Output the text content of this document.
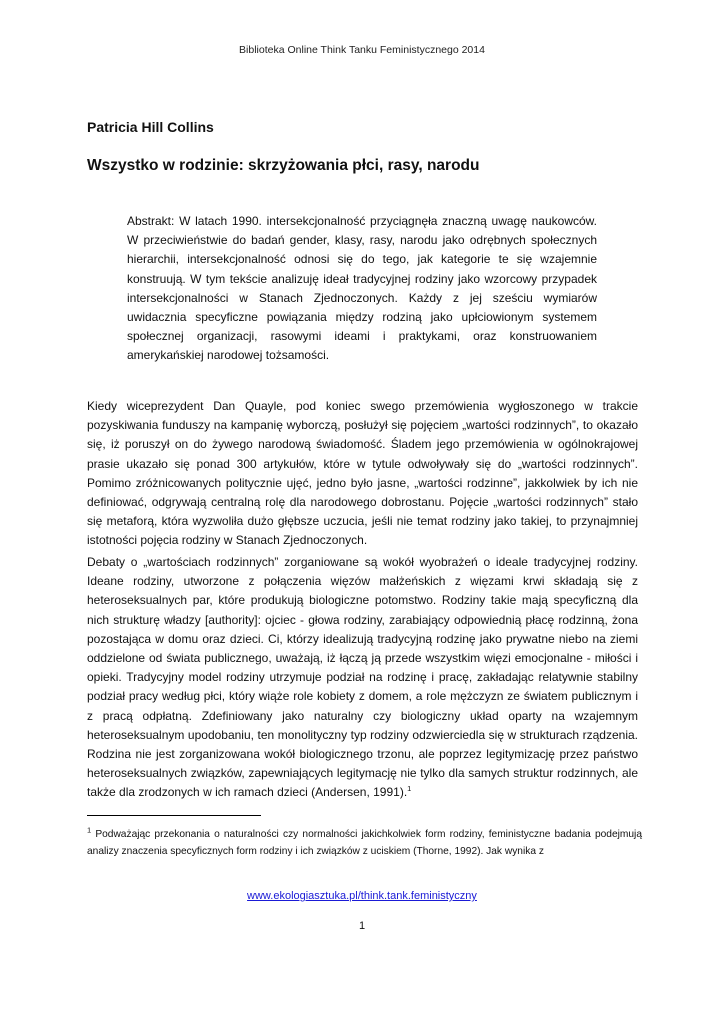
Biblioteka Online Think Tanku Feministycznego 2014
Patricia Hill Collins
Wszystko w rodzinie: skrzyżowania płci, rasy, narodu
Abstrakt: W latach 1990. intersekcjonalność przyciągnęła znaczną uwagę naukowców. W przeciwieństwie do badań gender, klasy, rasy, narodu jako odrębnych społecznych hierarchii, intersekcjonalność odnosi się do tego, jak kategorie te się wzajemnie konstruują. W tym tekście analizuję ideał tradycyjnej rodziny jako wzorcowy przypadek intersekcjonalności w Stanach Zjednoczonych. Każdy z jej sześciu wymiarów uwidacznia specyficzne powiązania między rodziną jako upłciowionym systemem społecznej organizacji, rasowymi ideami i praktykami, oraz konstruowaniem amerykańskiej narodowej tożsamości.
Kiedy wiceprezydent Dan Quayle, pod koniec swego przemówienia wygłoszonego w trakcie pozyskiwania funduszy na kampanię wyborczą, posłużył się pojęciem „wartości rodzinnych”, to okazało się, iż poruszył on do żywego narodową świadomość. Śladem jego przemówienia w ogólnokrajowej prasie ukazało się ponad 300 artykułów, które w tytule odwoływały się do „wartości rodzinnych”. Pomimo zróżnicowanych politycznie ujęć, jedno było jasne, „wartości rodzinne”, jakkolwiek by ich nie definiować, odgrywają centralną rolę dla narodowego dobrostanu. Pojęcie „wartości rodzinnych” stało się metaforą, która wyzwoliła dużo głębsze uczucia, jeśli nie temat rodziny jako takiej, to przynajmniej istotności pojęcia rodziny w Stanach Zjednoczonych.
Debaty o „wartościach rodzinnych” zorganiowane są wokół wyobrażeń o ideale tradycyjnej rodziny. Ideane rodziny, utworzone z połączenia więzów małżeńskich z więzami krwi składają się z heteroseksualnych par, które produkują biologiczne potomstwo. Rodziny takie mają specyficzną dla nich strukturę władzy [authority]: ojciec - głowa rodziny, zarabiający odpowiednią płacę rodzinną, żona pozostająca w domu oraz dzieci. Ci, którzy idealizują tradycyjną rodzinę jako prywatne niebo na ziemi oddzielone od świata publicznego, uważają, iż łączą ją przede wszystkim więzi emocjonalne - miłości i opieki. Tradycyjny model rodziny utrzymuje podział na rodzinę i pracę, zakładając relatywnie stabilny podział pracy według płci, który wiąże role kobiety z domem, a role mężczyzn ze światem publicznym i z pracą odpłatną. Zdefiniowany jako naturalny czy biologiczny układ oparty na wzajemnym heteroseksualnym upodobaniu, ten monolityczny typ rodziny odzwierciedla się w strukturach rządzenia. Rodzina nie jest zorganizowana wokół biologicznego trzonu, ale poprzez legitymizację przez państwo heteroseksualnych związków, zapewniających legitymację nie tylko dla samych struktur rodzinnych, ale także dla zrodzonych w ich ramach dzieci (Andersen, 1991).$^1$
$^1$ Podważając przekonania o naturalności czy normalności jakichkolwiek form rodziny, feministyczne badania podejmują analizy znaczenia specyficznych form rodziny i ich związków z uciskiem (Thorne, 1992). Jak wynika z
www.ekologiasztuka.pl/think.tank.feministyczny
1
